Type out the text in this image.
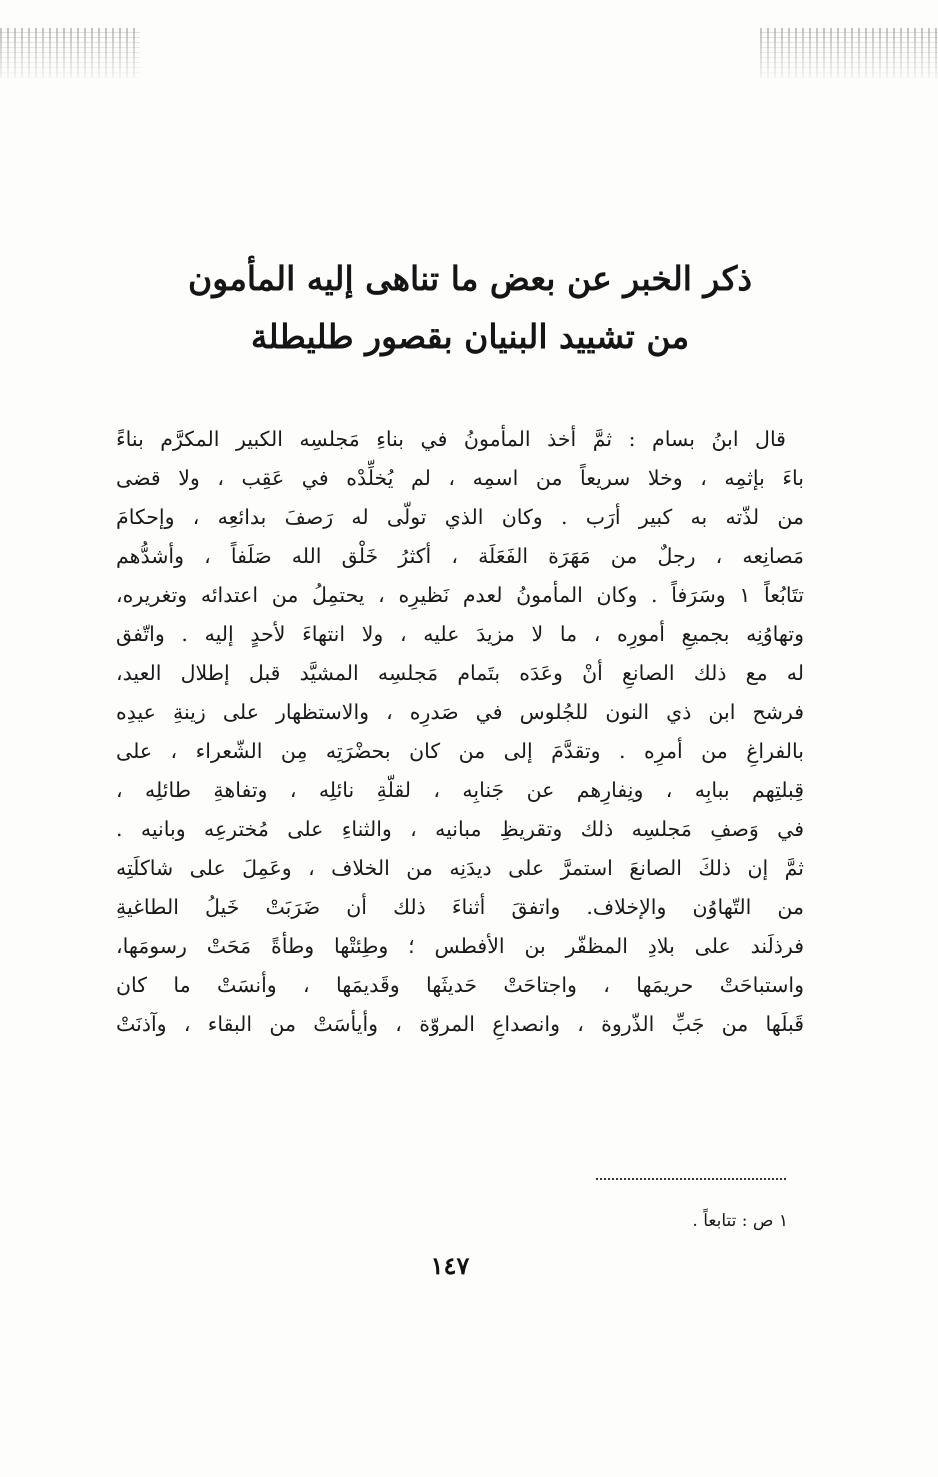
ذكر الخبر عن بعض ما تناهى إليه المأمون
من تشييد البنيان بقصور طليطلة
قال ابنُ بسام : ثمَّ أخذ المأمونُ في بناءِ مَجلسِه الكبير المكرَّم بناءً
باءَ بإثمِه ، وخلا سريعاً من اسمِه ، لم يُخلِّدْه في عَقِب ، ولا قضى
من لذّته به كبير أرَب . وكان الذي تولّى له رَصفَ بدائعِه ، وإحكامَ
مَصانِعه ، رجلٌ من مَهَرَة الفَعَلَة ، أكثرُ خَلْق الله صَلَفاً ، وأشدُّهم
تتَابُعاً ١ وسَرَفاً . وكان المأمونُ لعدم نَظيرِه ، يحتمِلُ من اعتدائه وتغريره،
وتهاوُنِه بجميعِ أمورِه ، ما لا مزيدَ عليه ، ولا انتهاءَ لأحدٍ إليه . واتّفق
له مع ذلك الصانعِ أنْ وعَدَه بتَمام مَجلسِه المشيَّد قبل إطلال العيد،
فرشح ابن ذي النون للجُلوس في صَدرِه ، والاستظهار على زينةِ عيدِه
بالفراغِ من أمرِه . وتقدَّمَ إلى من كان بحضْرَتِه مِن الشّعراء ، على
قِبلتِهم ببابِه ، ونِفارِهم عن جَنابِه ، لقلّةِ نائلِه ، وتفاهةِ طائلِه ،
في وَصفِ مَجلسِه ذلك وتقريظِ مبانيه ، والثناءِ على مُخترعِه وبانيه .
ثمَّ إن ذلكَ الصانعَ استمرَّ على ديدَنِه من الخلاف ، وعَمِلَ على شاكلَتِه
من التّهاوُن والإخلاف. واتفقَ أثناءَ ذلك أن ضَرَبَتْ خَيلُ الطاغيةِ
فرذلَند على بلادِ المظفّر بن الأفطس ؛ وطِئتْها وطأةً مَحَتْ رسومَها،
واستباحَتْ حريمَها ، واجتاحَتْ حَديثَها وقَديمَها ، وأنسَتْ ما كان
قَبلَها من جَبِّ الذّروة ، وانصداعِ المروّة ، وأيأسَتْ من البقاء ، وآذنَتْ
١ ص : تتابعاً .
١٤٧
